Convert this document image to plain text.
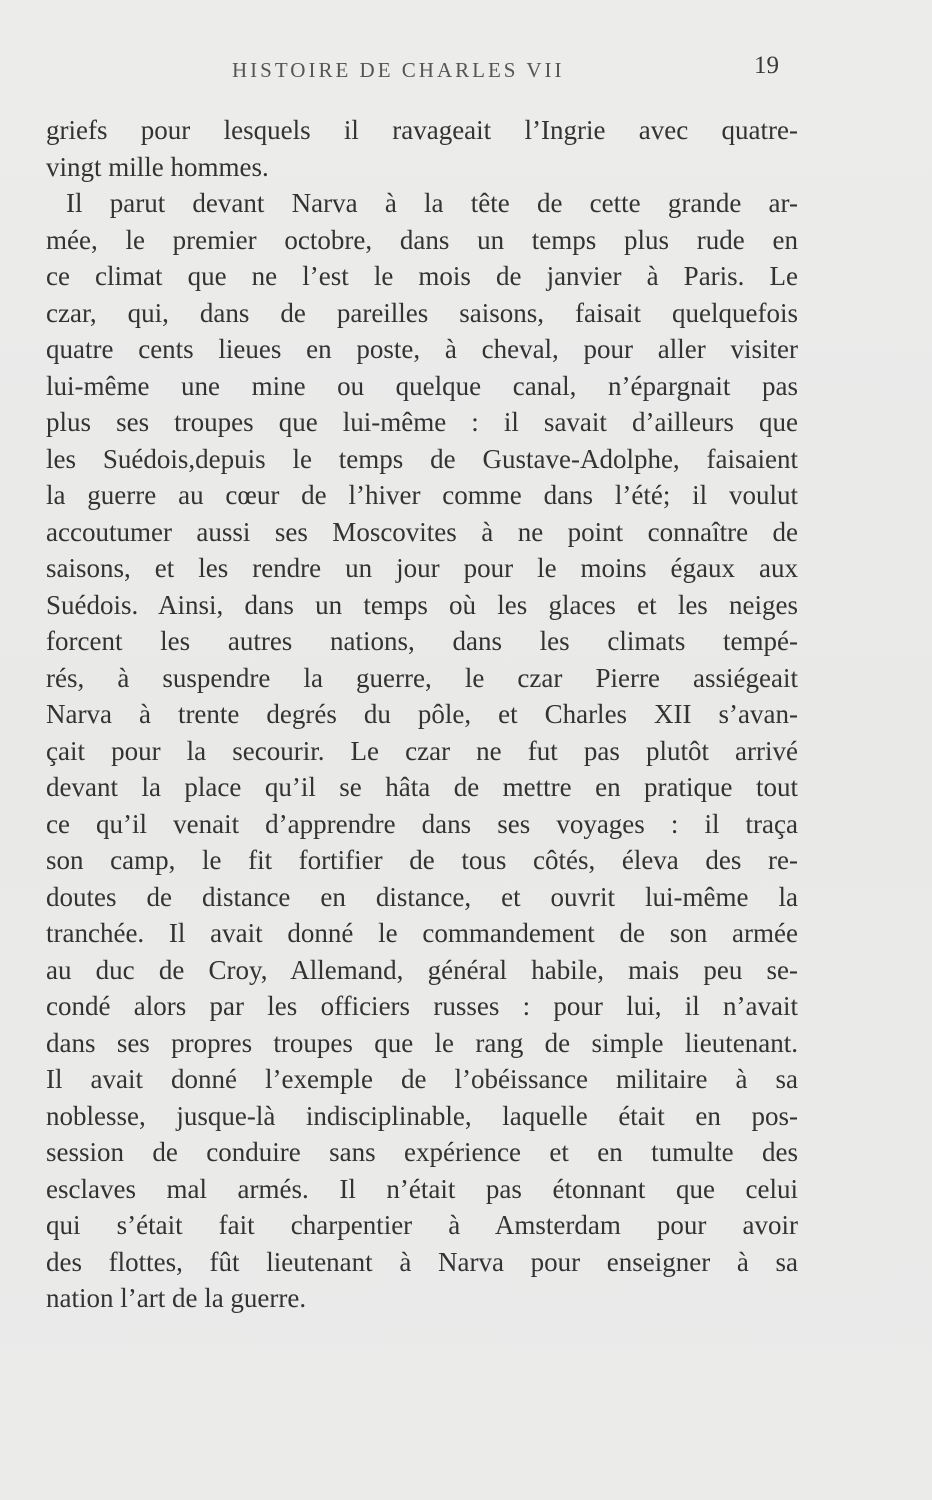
HISTOIRE DE CHARLES VII	19
griefs pour lesquels il ravageait l’Ingrie avec quatre-
vingt mille hommes.
Il parut devant Narva à la tête de cette grande ar-
mée, le premier octobre, dans un temps plus rude en
ce climat que ne l’est le mois de janvier à Paris. Le
czar, qui, dans de pareilles saisons, faisait quelquefois
quatre cents lieues en poste, à cheval, pour aller visiter
lui-même une mine ou quelque canal, n’épargnait pas
plus ses troupes que lui-même : il savait d’ailleurs que
les Suédois,depuis le temps de Gustave-Adolphe, faisaient
la guerre au cœur de l’hiver comme dans l’été; il voulut
accoutumer aussi ses Moscovites à ne point connaître de
saisons, et les rendre un jour pour le moins égaux aux
Suédois. Ainsi, dans un temps où les glaces et les neiges
forcent les autres nations, dans les climats tempé-
rés, à suspendre la guerre, le czar Pierre assiégeait
Narva à trente degrés du pôle, et Charles XII s’avan-
çait pour la secourir. Le czar ne fut pas plutôt arrivé
devant la place qu’il se hâta de mettre en pratique tout
ce qu’il venait d’apprendre dans ses voyages : il traça
son camp, le fit fortifier de tous côtés, éleva des re-
doutes de distance en distance, et ouvrit lui-même la
tranchée. Il avait donné le commandement de son armée
au duc de Croy, Allemand, général habile, mais peu se-
condé alors par les officiers russes : pour lui, il n’avait
dans ses propres troupes que le rang de simple lieutenant.
Il avait donné l’exemple de l’obéissance militaire à sa
noblesse, jusque-là indisciplinable, laquelle était en pos-
session de conduire sans expérience et en tumulte des
esclaves mal armés. Il n’était pas étonnant que celui
qui s’était fait charpentier à Amsterdam pour avoir
des flottes, fût lieutenant à Narva pour enseigner à sa
nation l’art de la guerre.
